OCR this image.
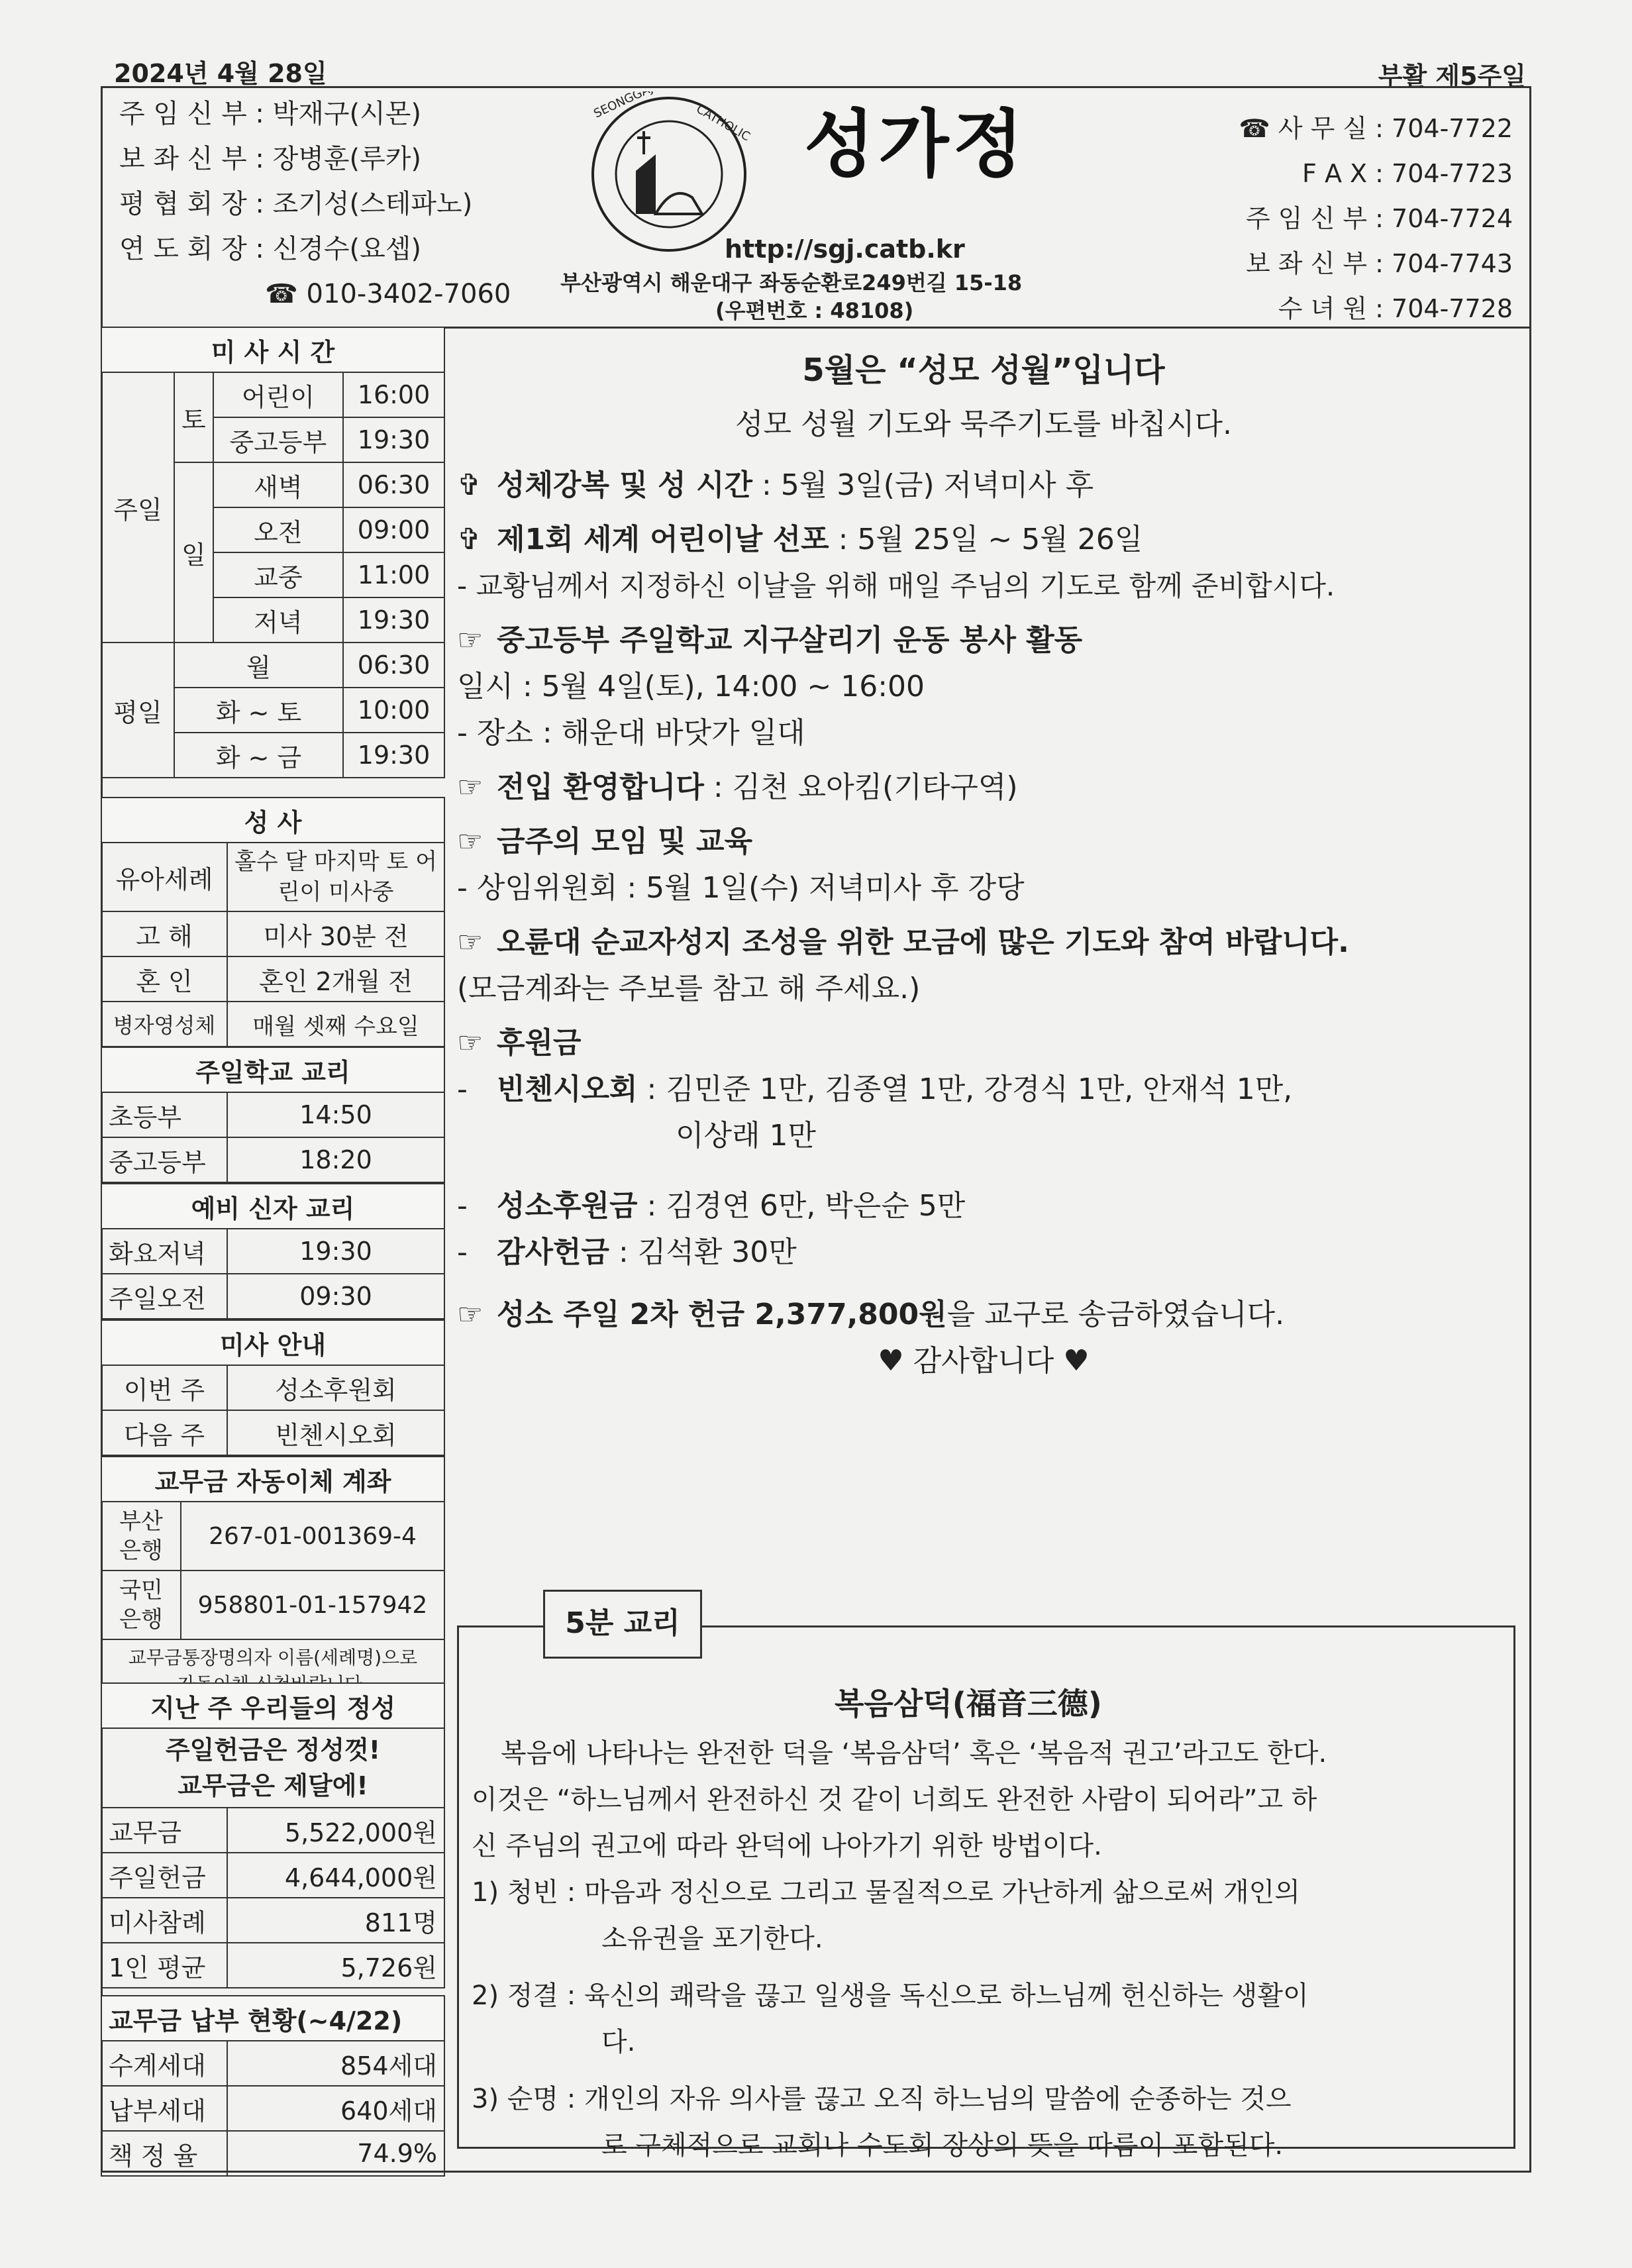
2024년 4월 28일	부활 제5주일
주 임 신 부 : 박재구(시몬)
보 좌 신 부 : 장병훈(루카)
평 협 회 장 : 조기성(스테파노)
연 도 회 장 : 신경수(요셉)
☎ 010-3402-7060
SEONGGAJEONG
CATHOLIC 성가정
http://sgj.catb.kr
부산광역시 해운대구 좌동순환로249번길 15-18
(우편번호 : 48108)
☎ 사 무 실 : 704-7722
F A X : 704-7723
주 임 신 부 : 704-7724
보 좌 신 부 : 704-7743
수 녀 원 : 704-7728
미 사 시 간			
주일	토	어린이	16:00
		중고등부	19:30
	일	새벽	06:30
		오전	09:00
		교중	11:00
		저녁	19:30
평일	월		06:30
	화 ~ 토		10:00
	화 ~ 금		19:30
성 사	
유아세례	홀수 달 마지막 토 어린이 미사중
고 해	미사 30분 전
혼 인	혼인 2개월 전
병자영성체	매월 셋째 수요일
주일학교 교리	
초등부	14:50
중고등부	18:20
예비 신자 교리	
화요저녁	19:30
주일오전	09:30
미사 안내	
이번 주	성소후원회
다음 주	빈첸시오회
교무금 자동이체 계좌	
부산 은행	267-01-001369-4
국민 은행	958801-01-157942

교무금통장명의자 이름(세례명)으로	
지난 주 우리들의 정성	

주일헌금은 정성껏!
교무금은 제달에!	

교무금	5,522,000원
주일헌금	4,644,000원
미사참례	811명
1인 평균	5,726원
교무금 납부 현황(~4/22)	
수계세대	854세대
납부세대	640세대
책 정 율	74.9%
5월은 “성모 성월”입니다
성모 성월 기도와 묵주기도를 바칩시다.
✞ 성체강복 및 성 시간 : 5월 3일(금) 저녁미사 후
✞ 제1회 세계 어린이날 선포 : 5월 25일 ~ 5월 26일
- 교황님께서 지정하신 이날을 위해 매일 주님의 기도로 함께 준비합시다.
☞ 중고등부 주일학교 지구살리기 운동 봉사 활동
일시 : 5월 4일(토), 14:00 ~ 16:00
- 장소 : 해운대 바닷가 일대
☞ 전입 환영합니다 : 김천 요아킴(기타구역)
☞ 금주의 모임 및 교육
- 상임위원회 : 5월 1일(수) 저녁미사 후 강당
☞ 오륜대 순교자성지 조성을 위한 모금에 많은 기도와 참여 바랍니다.
(모금계좌는 주보를 참고 해 주세요.)
☞ 후원금
- 빈첸시오회 : 김민준 1만, 김종열 1만, 강경식 1만, 안재석 1만,
이상래 1만
- 성소후원금 : 김경연 6만, 박은순 5만
- 감사헌금 : 김석환 30만
☞ 성소 주일 2차 헌금 2,377,800원을 교구로 송금하였습니다.
♥ 감사합니다 ♥
5분 교리
복음삼덕(福音三德)
복음에 나타나는 완전한 덕을 ‘복음삼덕’ 혹은 ‘복음적 권고’라고도 한다.
이것은 “하느님께서 완전하신 것 같이 너희도 완전한 사람이 되어라”고 하
신 주님의 권고에 따라 완덕에 나아가기 위한 방법이다.
1) 청빈 : 마음과 정신으로 그리고 물질적으로 가난하게 삶으로써 개인의
소유권을 포기한다.
2) 정결 : 육신의 쾌락을 끊고 일생을 독신으로 하느님께 헌신하는 생활이
다.
3) 순명 : 개인의 자유 의사를 끊고 오직 하느님의 말씀에 순종하는 것으
로 구체적으로 교회나 수도회 장상의 뜻을 따름이 포함된다.
